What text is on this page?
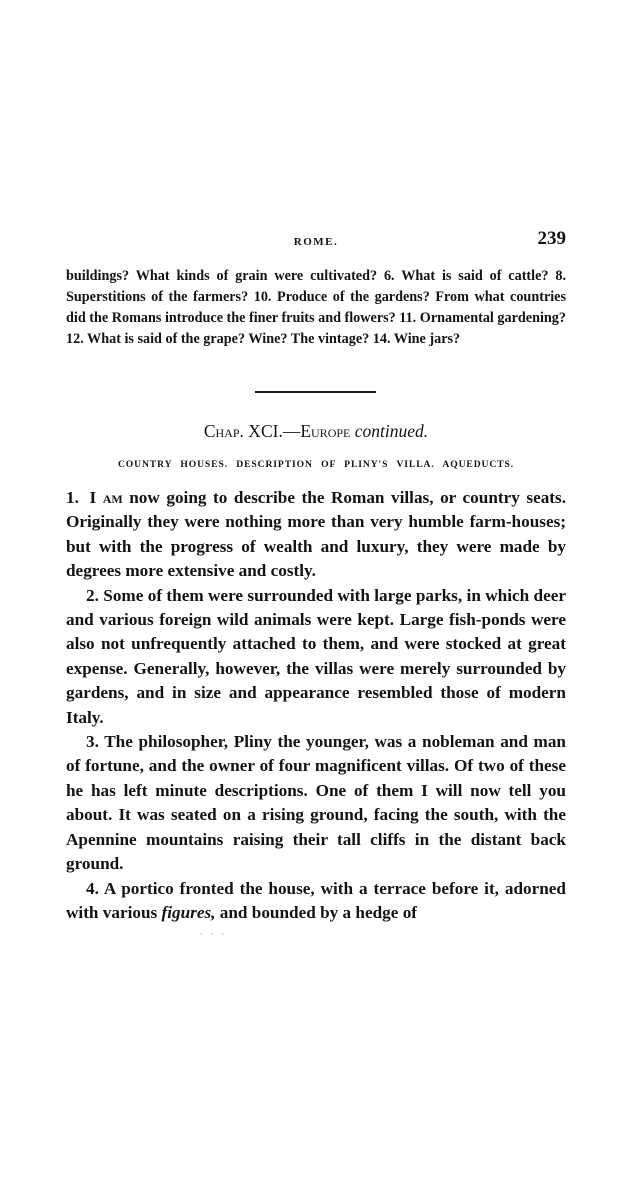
ROME.	239
buildings? What kinds of grain were cultivated? 6. What is said of cattle? 8. Superstitions of the farmers? 10. Produce of the gardens? From what countries did the Romans introduce the finer fruits and flowers? 11. Ornamental gardening? 12. What is said of the grape? Wine? The vintage? 14. Wine jars?
Chap. XCI.—Europe continued.
COUNTRY HOUSES. DESCRIPTION OF PLINY'S VILLA. AQUEDUCTS.

1. I am now going to describe the Roman villas, or country seats. Originally they were nothing more than very humble farm-houses; but with the progress of wealth and luxury, they were made by degrees more extensive and costly.

2. Some of them were surrounded with large parks, in which deer and various foreign wild animals were kept. Large fish-ponds were also not unfrequently attached to them, and were stocked at great expense. Generally, however, the villas were merely surrounded by gardens, and in size and appearance resembled those of modern Italy.

3. The philosopher, Pliny the younger, was a nobleman and man of fortune, and the owner of four magnificent villas. Of two of these he has left minute descriptions. One of them I will now tell you about. It was seated on a rising ground, facing the south, with the Apennine mountains raising their tall cliffs in the distant back ground.

4. A portico fronted the house, with a terrace before it, adorned with various figures, and bounded by a hedge of

· · ·
